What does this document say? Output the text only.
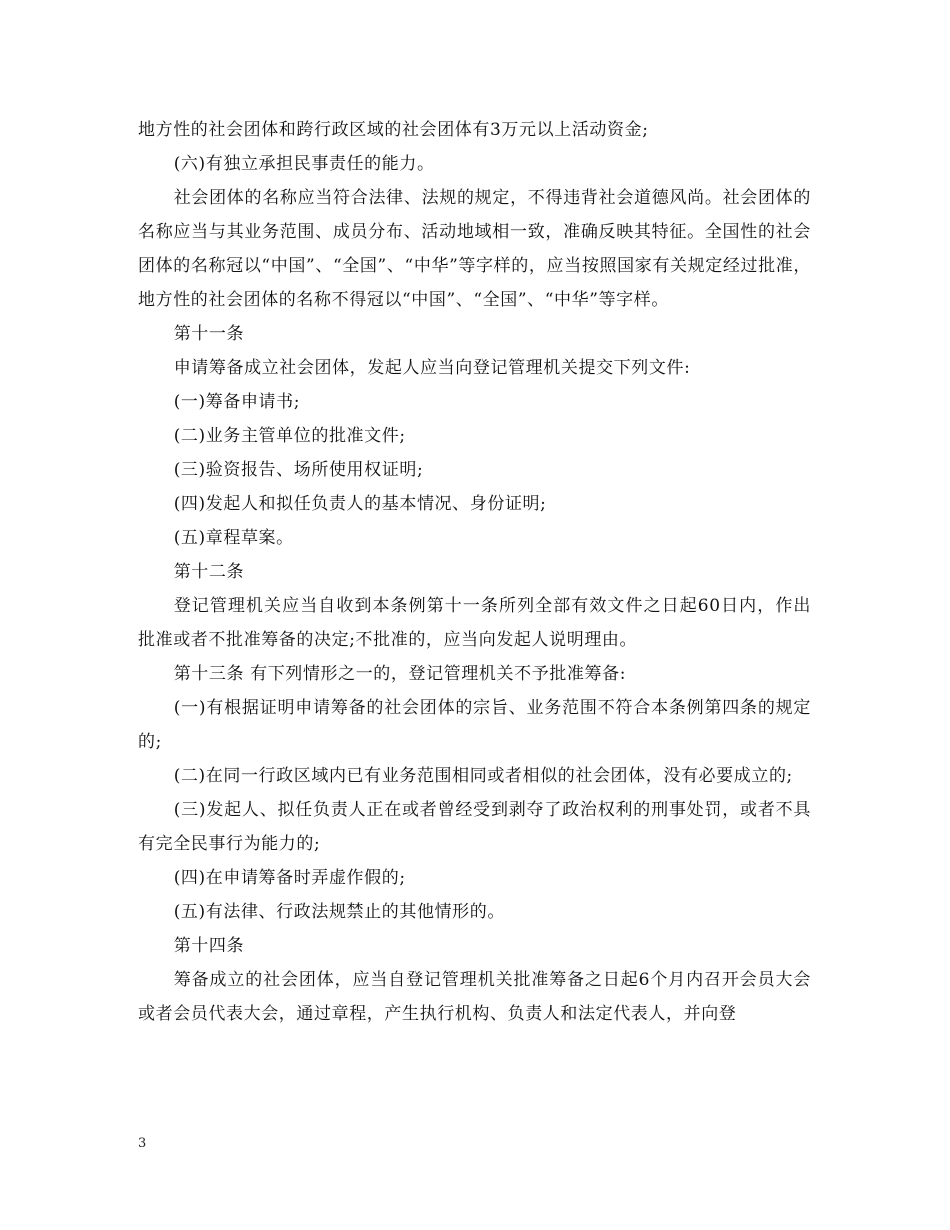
地方性的社会团体和跨行政区域的社会团体有3万元以上活动资金;

(六)有独立承担民事责任的能力。

社会团体的名称应当符合法律、法规的规定，不得违背社会道德风尚。社会团体的名称应当与其业务范围、成员分布、活动地域相一致，准确反映其特征。全国性的社会团体的名称冠以“中国”、“全国”、“中华”等字样的，应当按照国家有关规定经过批准，地方性的社会团体的名称不得冠以“中国”、“全国”、“中华”等字样。

第十一条

申请筹备成立社会团体，发起人应当向登记管理机关提交下列文件:

(一)筹备申请书;

(二)业务主管单位的批准文件;

(三)验资报告、场所使用权证明;

(四)发起人和拟任负责人的基本情况、身份证明;

(五)章程草案。

第十二条

登记管理机关应当自收到本条例第十一条所列全部有效文件之日起60日内，作出批准或者不批准筹备的决定;不批准的，应当向发起人说明理由。

第十三条 有下列情形之一的，登记管理机关不予批准筹备:

(一)有根据证明申请筹备的社会团体的宗旨、业务范围不符合本条例第四条的规定的;

(二)在同一行政区域内已有业务范围相同或者相似的社会团体，没有必要成立的;

(三)发起人、拟任负责人正在或者曾经受到剥夺了政治权利的刑事处罚，或者不具有完全民事行为能力的;

(四)在申请筹备时弄虚作假的;

(五)有法律、行政法规禁止的其他情形的。

第十四条

筹备成立的社会团体，应当自登记管理机关批准筹备之日起6个月内召开会员大会或者会员代表大会，通过章程，产生执行机构、负责人和法定代表人，并向登

3
